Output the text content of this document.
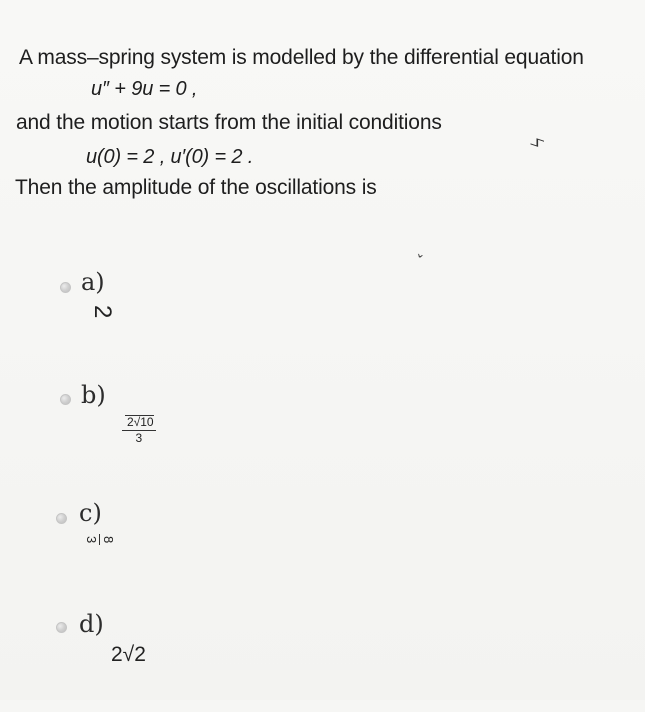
A mass–spring system is modelled by the differential equation
u″ + 9u = 0 ,
and the motion starts from the initial conditions
u(0) = 2 , u′(0) = 2 .
Then the amplitude of the oscillations is
ϟ
ˇ
a)
2
b)
$\frac{2√10}{3}$
c)
8
3
d)
2√2
